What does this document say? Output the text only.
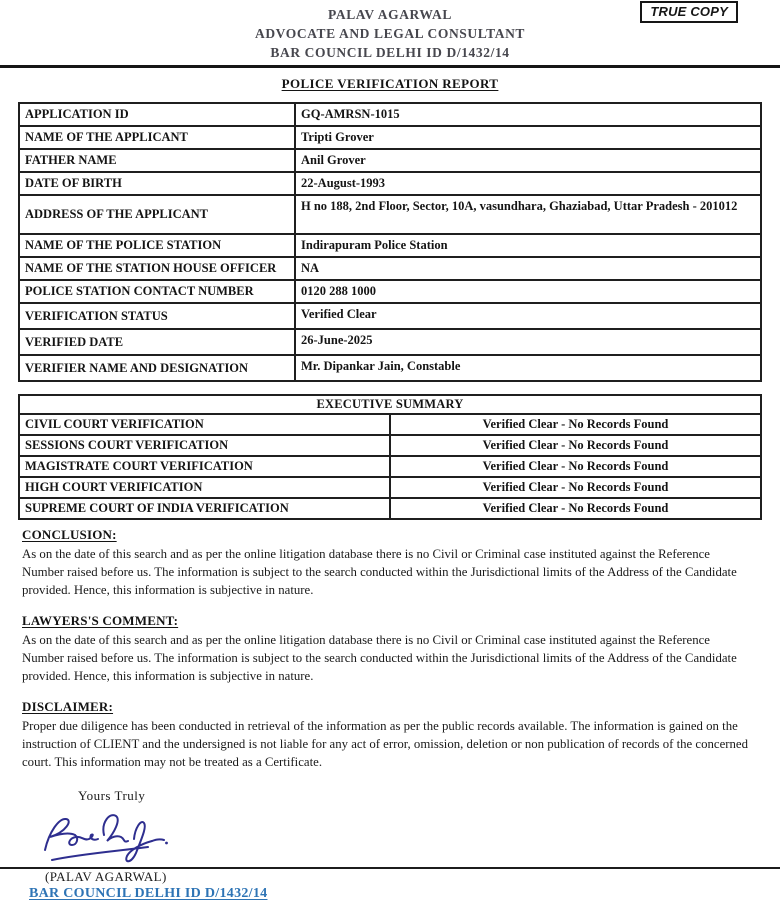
PALAV AGARWAL
ADVOCATE AND LEGAL CONSULTANT
BAR COUNCIL DELHI ID D/1432/14
TRUE COPY
POLICE VERIFICATION REPORT
APPLICATION ID	GQ-AMRSN-1015
NAME OF THE APPLICANT	Tripti Grover
FATHER NAME	Anil Grover
DATE OF BIRTH	22-August-1993
ADDRESS OF THE APPLICANT	H no 188, 2nd Floor, Sector, 10A, vasundhara, Ghaziabad, Uttar Pradesh - 201012
NAME OF THE POLICE STATION	Indirapuram Police Station
NAME OF THE STATION HOUSE OFFICER	NA
POLICE STATION CONTACT NUMBER	0120 288 1000
VERIFICATION STATUS	Verified Clear
VERIFIED DATE	26-June-2025
VERIFIER NAME AND DESIGNATION	Mr. Dipankar Jain, Constable
EXECUTIVE SUMMARY	
CIVIL COURT VERIFICATION	Verified Clear - No Records Found
SESSIONS COURT VERIFICATION	Verified Clear - No Records Found
MAGISTRATE COURT VERIFICATION	Verified Clear - No Records Found
HIGH COURT VERIFICATION	Verified Clear - No Records Found
SUPREME COURT OF INDIA VERIFICATION	Verified Clear - No Records Found
CONCLUSION:
As on the date of this search and as per the online litigation database there is no Civil or Criminal case instituted against the Reference Number raised before us. The information is subject to the search conducted within the Jurisdictional limits of the Address of the Candidate provided. Hence, this information is subjective in nature.
LAWYERS'S COMMENT:
As on the date of this search and as per the online litigation database there is no Civil or Criminal case instituted against the Reference Number raised before us. The information is subject to the search conducted within the Jurisdictional limits of the Address of the Candidate provided. Hence, this information is subjective in nature.
DISCLAIMER:
Proper due diligence has been conducted in retrieval of the information as per the public records available. The information is gained on the instruction of CLIENT and the undersigned is not liable for any act of error, omission, deletion or non publication of records of the concerned court. This information may not be treated as a Certificate.
Yours Truly
(PALAV AGARWAL)
BAR COUNCIL DELHI ID D/1432/14
